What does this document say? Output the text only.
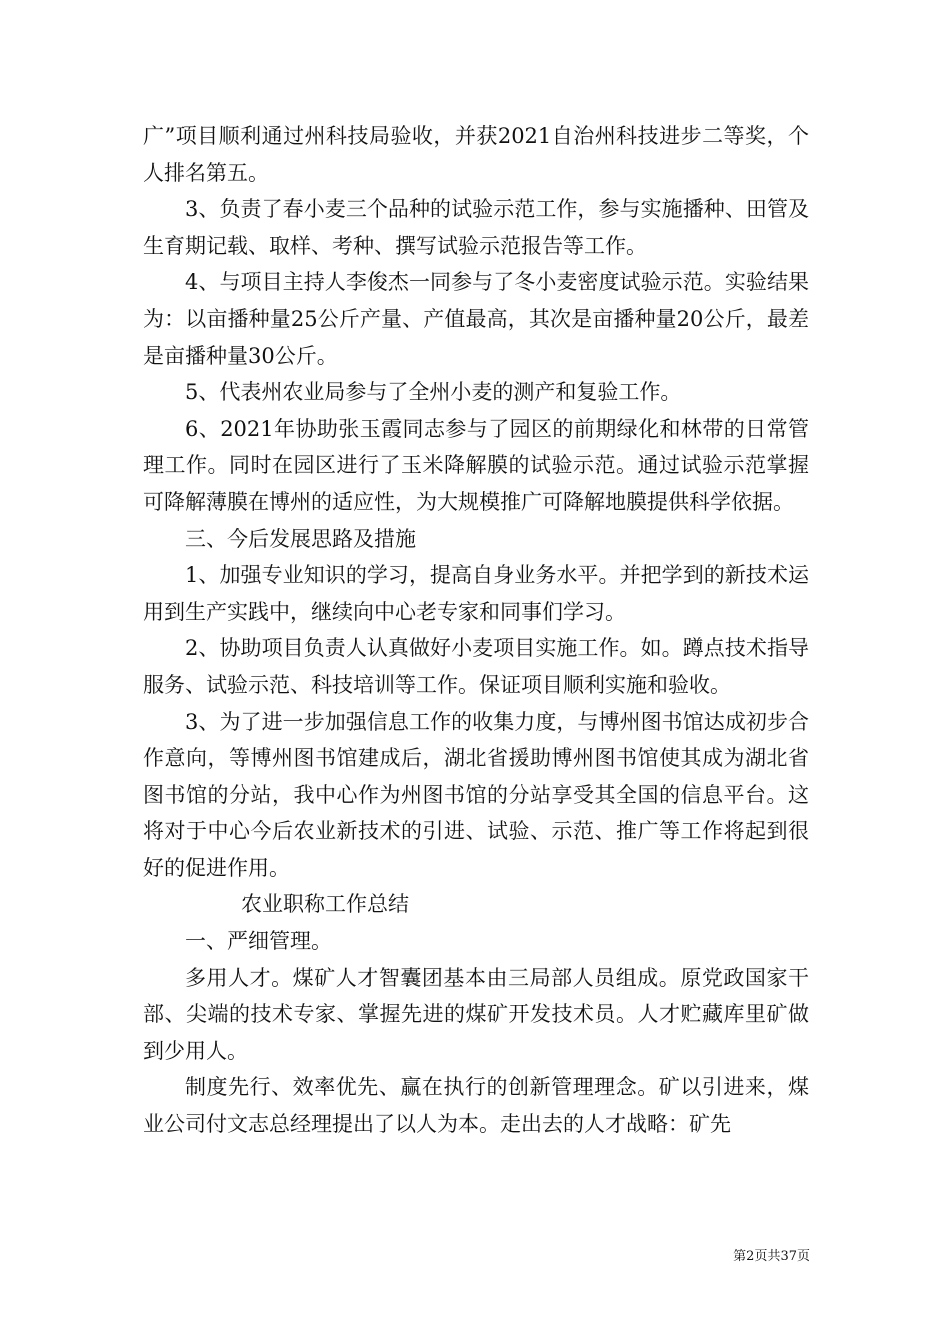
广”项目顺利通过州科技局验收，并获2021自治州科技进步二等奖，个人排名第五。

3、负责了春小麦三个品种的试验示范工作，参与实施播种、田管及生育期记载、取样、考种、撰写试验示范报告等工作。

4、与项目主持人李俊杰一同参与了冬小麦密度试验示范。实验结果为：以亩播种量25公斤产量、产值最高，其次是亩播种量20公斤，最差是亩播种量30公斤。

5、代表州农业局参与了全州小麦的测产和复验工作。

6、2021年协助张玉霞同志参与了园区的前期绿化和林带的日常管理工作。同时在园区进行了玉米降解膜的试验示范。通过试验示范掌握可降解薄膜在博州的适应性，为大规模推广可降解地膜提供科学依据。

三、今后发展思路及措施

1、加强专业知识的学习，提高自身业务水平。并把学到的新技术运用到生产实践中，继续向中心老专家和同事们学习。

2、协助项目负责人认真做好小麦项目实施工作。如。蹲点技术指导服务、试验示范、科技培训等工作。保证项目顺利实施和验收。

3、为了进一步加强信息工作的收集力度，与博州图书馆达成初步合作意向，等博州图书馆建成后，湖北省援助博州图书馆使其成为湖北省图书馆的分站，我中心作为州图书馆的分站享受其全国的信息平台。这将对于中心今后农业新技术的引进、试验、示范、推广等工作将起到很好的促进作用。

农业职称工作总结

一、严细管理。

多用人才。煤矿人才智囊团基本由三局部人员组成。原党政国家干部、尖端的技术专家、掌握先进的煤矿开发技术员。人才贮藏库里矿做到少用人。

制度先行、效率优先、赢在执行的创新管理理念。矿以引进来，煤业公司付文志总经理提出了以人为本。走出去的人才战略：矿先

第2页共37页
